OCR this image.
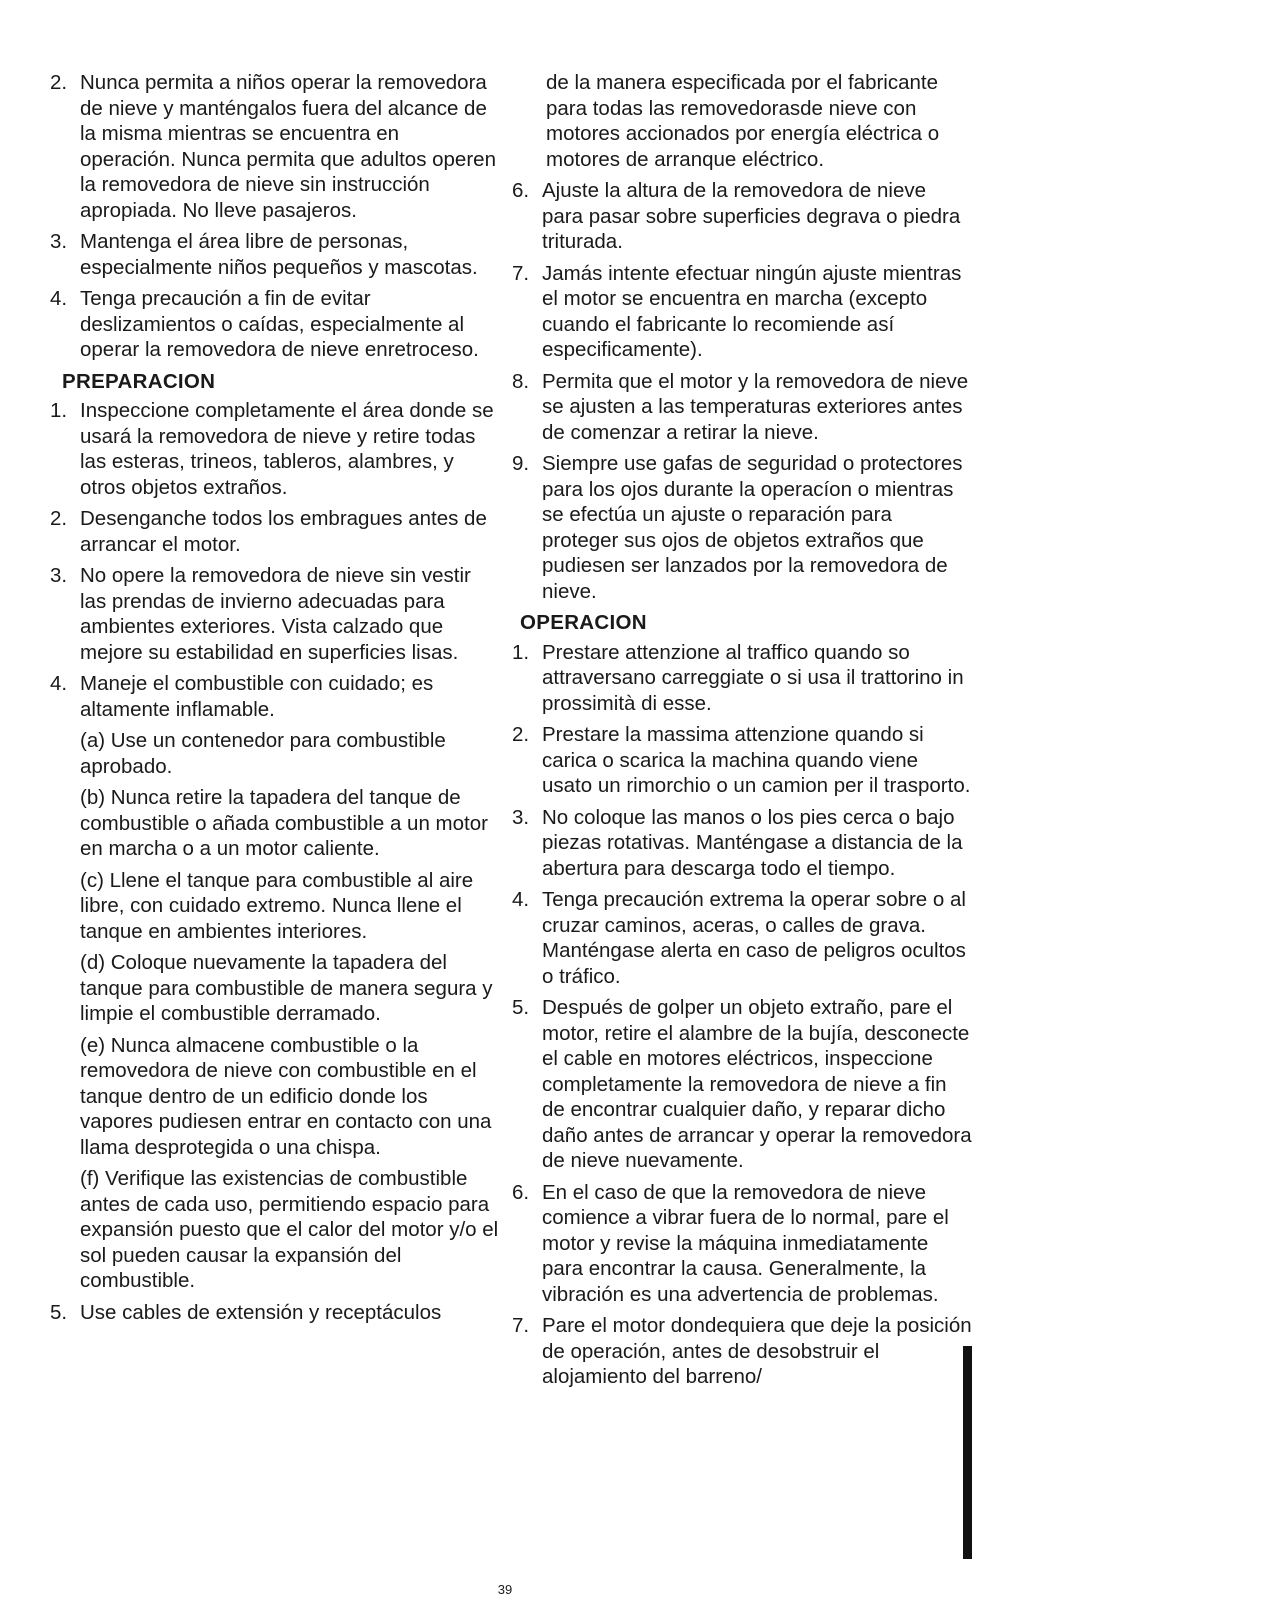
2. Nunca permita a niños operar la removedora de nieve y manténgalos fuera del alcance de la misma mientras se encuentra en operación. Nunca permita que adultos operen la removedora de nieve sin instrucción apropiada. No lleve pasajeros.
3. Mantenga el área libre de personas, especialmente niños pequeños y mascotas.
4. Tenga precaución a fin de evitar deslizamientos o caídas, especialmente al operar la removedora de nieve enretroceso.
PREPARACION
1. Inspeccione completamente el área donde se usará la removedora de nieve y retire todas las esteras, trineos, tableros, alambres, y otros objetos extraños.
2. Desenganche todos los embragues antes de arrancar el motor.
3. No opere la removedora de nieve sin vestir las prendas de invierno adecuadas para ambientes exteriores. Vista calzado que mejore su estabilidad en superficies lisas.
4. Maneje el combustible con cuidado; es altamente inflamable.
(a) Use un contenedor para combustible aprobado.
(b) Nunca retire la tapadera del tanque de combustible o añada combustible a un motor en marcha o a un motor caliente.
(c) Llene el tanque para combustible al aire libre, con cuidado extremo. Nunca llene el tanque en ambientes interiores.
(d) Coloque nuevamente la tapadera del tanque para combustible de manera segura y limpie el combustible derramado.
(e) Nunca almacene combustible o la removedora de nieve con combustible en el tanque dentro de un edificio donde los vapores pudiesen entrar en contacto con una llama desprotegida o una chispa.
(f) Verifique las existencias de combustible antes de cada uso, permitiendo espacio para expansión puesto que el calor del motor y/o el sol pueden causar la expansión del combustible.
5. Use cables de extensión y receptáculos
de la manera especificada por el fabricante para todas las removedorasde nieve con motores accionados por energía eléctrica o motores de arranque eléctrico.
6. Ajuste la altura de la removedora de nieve para pasar sobre superficies degrava o piedra triturada.
7. Jamás intente efectuar ningún ajuste mientras el motor se encuentra en marcha (excepto cuando el fabricante lo recomiende así especificamente).
8. Permita que el motor y la removedora de nieve se ajusten a las temperaturas exteriores antes de comenzar a retirar la nieve.
9. Siempre use gafas de seguridad o protectores para los ojos durante la operacíon o mientras se efectúa un ajuste o reparación para proteger sus ojos de objetos extraños que pudiesen ser lanzados por la removedora de nieve.
OPERACION
1. Prestare attenzione al traffico quando so attraversano carreggiate o si usa il trattorino in prossimità di esse.
2. Prestare la massima attenzione quando si carica o scarica la machina quando viene usato un rimorchio o un camion per il trasporto.
3. No coloque las manos o los pies cerca o bajo piezas rotativas. Manténgase a distancia de la abertura para descarga todo el tiempo.
4. Tenga precaución extrema la operar sobre o al cruzar caminos, aceras, o calles de grava. Manténgase alerta en caso de peligros ocultos o tráfico.
5. Después de golper un objeto extraño, pare el motor, retire el alambre de la bujía, desconecte el cable en motores eléctricos, inspeccione completamente la removedora de nieve a fin de encontrar cualquier daño, y reparar dicho daño antes de arrancar y operar la removedora de nieve nuevamente.
6. En el caso de que la removedora de nieve comience a vibrar fuera de lo normal, pare el motor y revise la máquina inmediatamente para encontrar la causa. Generalmente, la vibración es una advertencia de problemas.
7. Pare el motor dondequiera que deje la posición de operación, antes de desobstruir el alojamiento del barreno/
39
